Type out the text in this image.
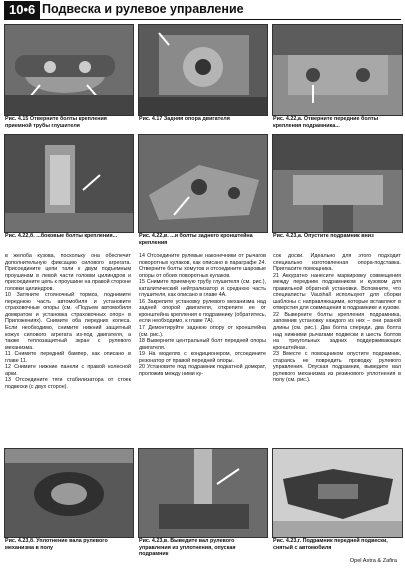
10•6 Подвеска и рулевое управление
Рис. 4.15 Отверните болты крепления приемной трубы глушителя
Рис. 4.17 Задняя опора двигателя	Рис. 4.22,а. Отверните передние болты крепления подрамника...
Рис. 4.22,б. ...боковые болты крепления...	Рис. 4.22,в. ...и болты заднего кронштейна крепления
Рис. 4.23,а. Опустите подрамник вниз

в желоба кузова, поскольку она обеспечит дополнительную фиксацию силового агрегата. Присоедините цепи тали к двум подъемным проушинам в левой части головки цилиндров и присоедините цепь к проушине на правой стороне головки цилиндров.

10 Затяните стояночный тормоз, поднимите переднюю часть автомобиля и установите страховочные опоры (см. «Подъем автомобиля домкратом и установка страховочных опор» в Приложениях). Снимите оба передних колеса. Если необходимо, снимите нижний защитный кожух силового агрегата из-под двигателя, а также теплозащитный экран с рулевого механизма.

11 Снимите передний бампер, как описано в главе 11.

12 Снимите нижние панели с правой колесной арки.

13 Отсоедините тяги стабилизатора от стоек подвески (с двух сторон).

14 Отсоедините рулевые наконечники от рычагов поворотных кулаков, как описано в параграфе 24. Отверните болты хомутов и отсоедините шаровые опоры от обоих поворотных кулаков.

15 Снимите приемную трубу глушителя (см. рис.), каталитический нейтрализатор и среднюю часть глушителя, как описано в главе 4А.

16 Закрепите установку рулевого механизма над задней опорой двигателя, открепите ее от кронштейна крепления к подрамнику (обратитесь, если необходимо, к главе 7А).

17 Демонтируйте заднюю опору от кронштейна (см. рис.).

18 Выверните центральный болт передней опоры двигателя.

19 На моделях с кондиционером, отсоедините резонатор от правой передней опоры.

20 Установите под подрамник подкатной домкрат, проложив между ними ку-

сок доски. Идеально для этого подходит специально изготовленная опора-подставка. Приглаcите помощника.

21 Аккуратно нанесите маркировку совмещения между передним подрамником и кузовом для правильной обратной установки. Вспомните, что специалисты Vauxhall используют для сборки шаблоны с направляющими, которые вставляют в отверстия для совмещения в подрамнике и кузове.

22 Выверните болты крепления подрамника, запомнив установку каждого из них – они разной длины (см. рис.). Два болта спереди, два болта над нижними рычагами подвески и шесть болтов на треугольных задних поддерживающих кронштейнах.

23 Вместе с помощником опустите подрамник, стараясь не повредить проводку рулевого управления. Опуская подрамник, выведите вал рулевого механизма из резинового уплотнения в полу (см. рис.).

Рис. 4.23,б. Уплотнение вала рулевого механизма в полу
Рис. 4.23,в. Выведите вал рулевого управления из уплотнения, опуская подрамник
Рис. 4.23,г. Подрамник передней подвески, снятый с автомобиля
Opel Astra & Zafira
